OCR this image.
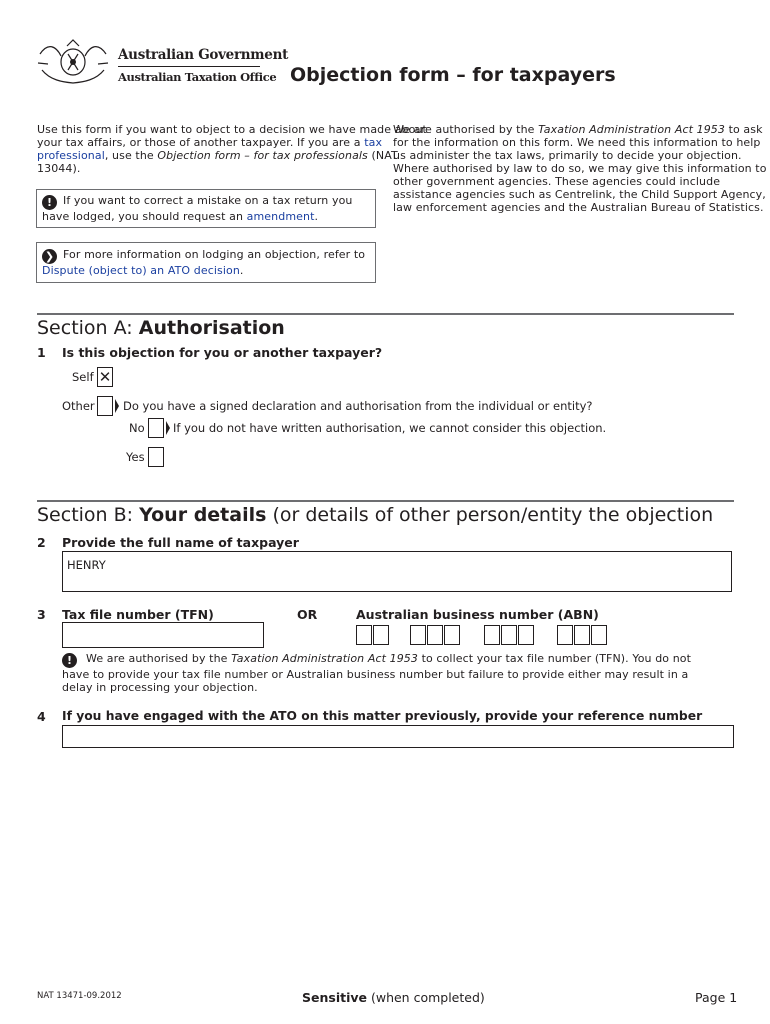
Australian Government
Australian Taxation Office Objection form – for taxpayers
Use this form if you want to object to a decision we have made about your tax affairs, or those of another taxpayer. If you are a tax professional, use the Objection form – for tax professionals (NAT 13044).
! If you want to correct a mistake on a tax return you have lodged, you should request an amendment.
❯ For more information on lodging an objection, refer to Dispute (object to) an ATO decision.
We are authorised by the Taxation Administration Act 1953 to ask for the information on this form. We need this information to help us administer the tax laws, primarily to decide your objection. Where authorised by law to do so, we may give this information to other government agencies. These agencies could include assistance agencies such as Centrelink, the Child Support Agency, law enforcement agencies and the Australian Bureau of Statistics.
Section A: Authorisation
1 Is this objection for you or another taxpayer?
Self ✕
Other Do you have a signed declaration and authorisation from the individual or entity?
No If you do not have written authorisation, we cannot consider this objection.
Yes
Section B: Your details (or details of other person/entity the objection
2 Provide the full name of taxpayer
HENRY
3 Tax file number (TFN)	OR	Australian business number (ABN)
! We are authorised by the Taxation Administration Act 1953 to collect your tax file number (TFN). You do not have to provide your tax file number or Australian business number but failure to provide either may result in a delay in processing your objection.
4 If you have engaged with the ATO on this matter previously, provide your reference number
NAT 13471-09.2012	Sensitive (when completed)	Page 1
